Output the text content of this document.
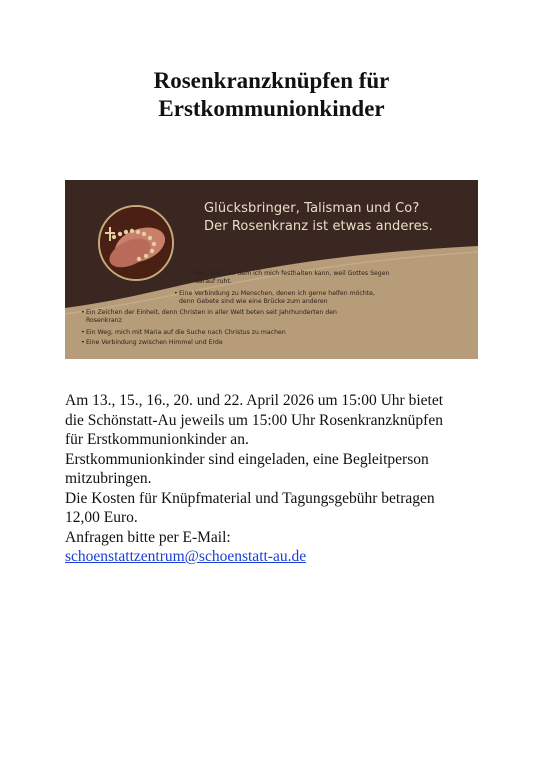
Rosenkranzknüpfen für
Erstkommunionkinder
Glücksbringer, Talisman und Co?
Der Rosenkranz ist etwas anderes.
• Ein „Seil", an dem ich mich festhalten kann, weil Gottes Segen
darauf ruht.
• Eine Verbindung zu Menschen, denen ich gerne helfen möchte,
denn Gebete sind wie eine Brücke zum anderen
• Ein Zeichen der Einheit, denn Christen in aller Welt beten seit Jahrhunderten den
Rosenkranz
• Ein Weg, mich mit Maria auf die Suche nach Christus zu machen
• Eine Verbindung zwischen Himmel und Erde

Am 13., 15., 16., 20. und 22. April 2026 um 15:00 Uhr bietet

die Schönstatt-Au jeweils um 15:00 Uhr Rosenkranzknüpfen

für Erstkommunionkinder an.

Erstkommunionkinder sind eingeladen, eine Begleitperson

mitzubringen.

Die Kosten für Knüpfmaterial und Tagungsgebühr betragen

12,00 Euro.

Anfragen bitte per E-Mail:

schoenstattzentrum@schoenstatt-au.de
